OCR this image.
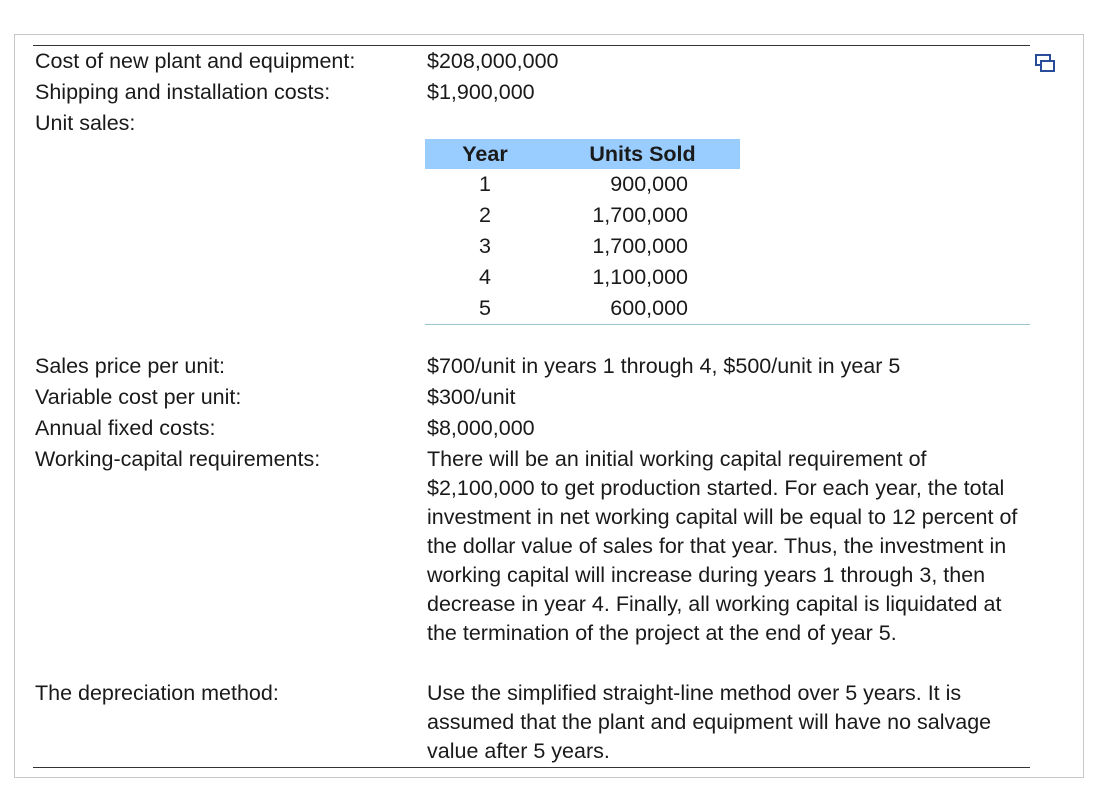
Cost of new plant and equipment:	$208,000,000
Shipping and installation costs:	$1,900,000
Unit sales:
Year	Units Sold
1	900,000
2	1,700,000
3	1,700,000
4	1,100,000
5	600,000
Sales price per unit:	$700/unit in years 1 through 4, $500/unit in year 5
Variable cost per unit:	$300/unit
Annual fixed costs:	$8,000,000
Working-capital requirements:	There will be an initial working capital requirement of $2,100,000 to get production started. For each year, the total investment in net working capital will be equal to 12 percent of the dollar value of sales for that year. Thus, the investment in working capital will increase during years 1 through 3, then decrease in year 4. Finally, all working capital is liquidated at the termination of the project at the end of year 5.
The depreciation method:	Use the simplified straight-line method over 5 years. It is assumed that the plant and equipment will have no salvage value after 5 years.
